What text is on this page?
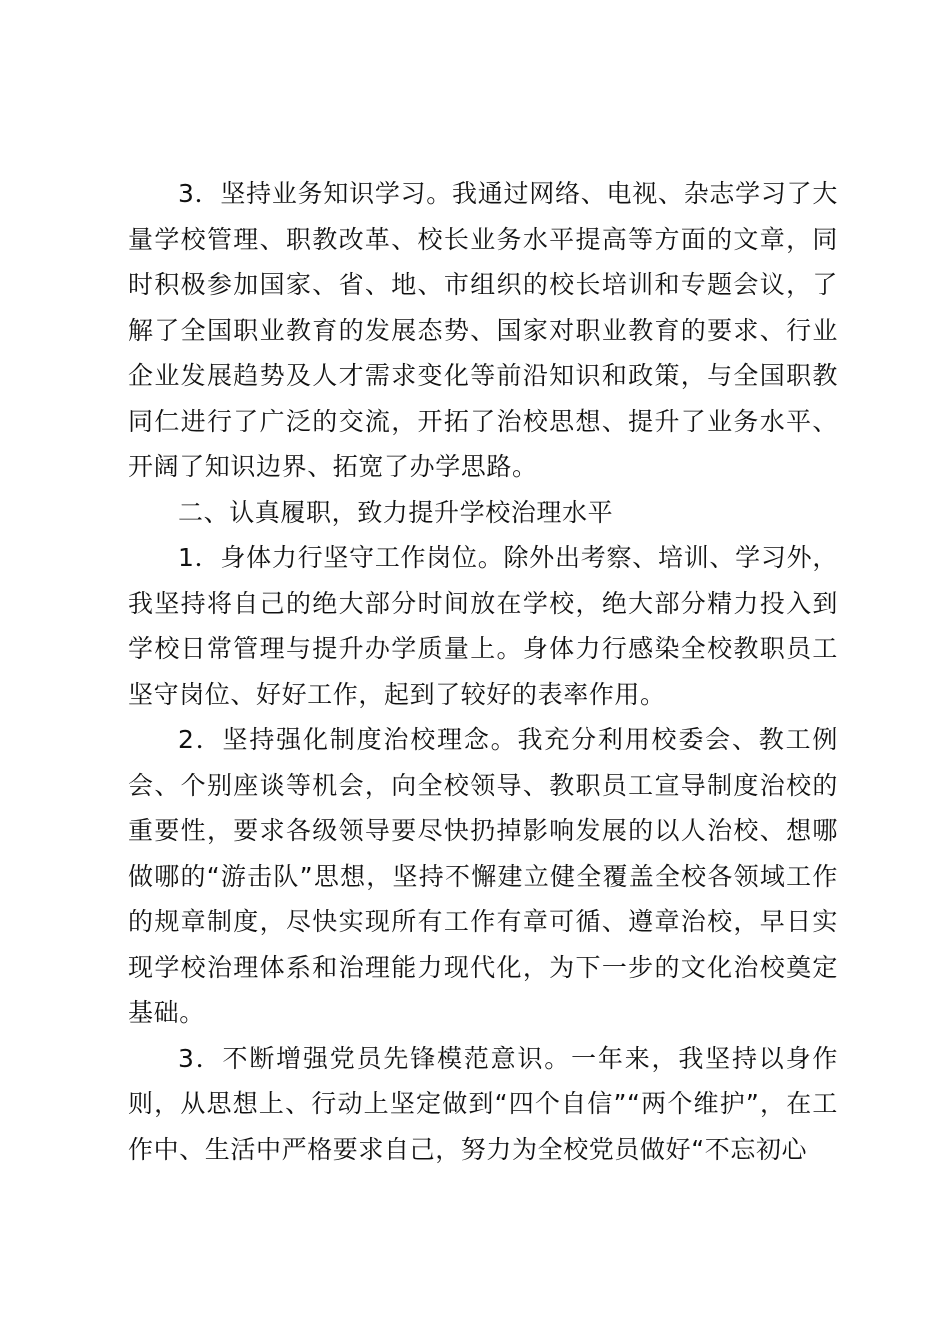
3．坚持业务知识学习。我通过网络、电视、杂志学习了大量学校管理、职教改革、校长业务水平提高等方面的文章，同时积极参加国家、省、地、市组织的校长培训和专题会议，了解了全国职业教育的发展态势、国家对职业教育的要求、行业企业发展趋势及人才需求变化等前沿知识和政策，与全国职教同仁进行了广泛的交流，开拓了治校思想、提升了业务水平、开阔了知识边界、拓宽了办学思路。

二、认真履职，致力提升学校治理水平

1．身体力行坚守工作岗位。除外出考察、培训、学习外，我坚持将自己的绝大部分时间放在学校，绝大部分精力投入到学校日常管理与提升办学质量上。身体力行感染全校教职员工坚守岗位、好好工作，起到了较好的表率作用。

2．坚持强化制度治校理念。我充分利用校委会、教工例会、个别座谈等机会，向全校领导、教职员工宣导制度治校的重要性，要求各级领导要尽快扔掉影响发展的以人治校、想哪做哪的“游击队”思想，坚持不懈建立健全覆盖全校各领域工作的规章制度，尽快实现所有工作有章可循、遵章治校，早日实现学校治理体系和治理能力现代化，为下一步的文化治校奠定基础。

3．不断增强党员先锋模范意识。一年来，我坚持以身作则，从思想上、行动上坚定做到“四个自信”“两个维护”，在工作中、生活中严格要求自己，努力为全校党员做好“不忘初心
